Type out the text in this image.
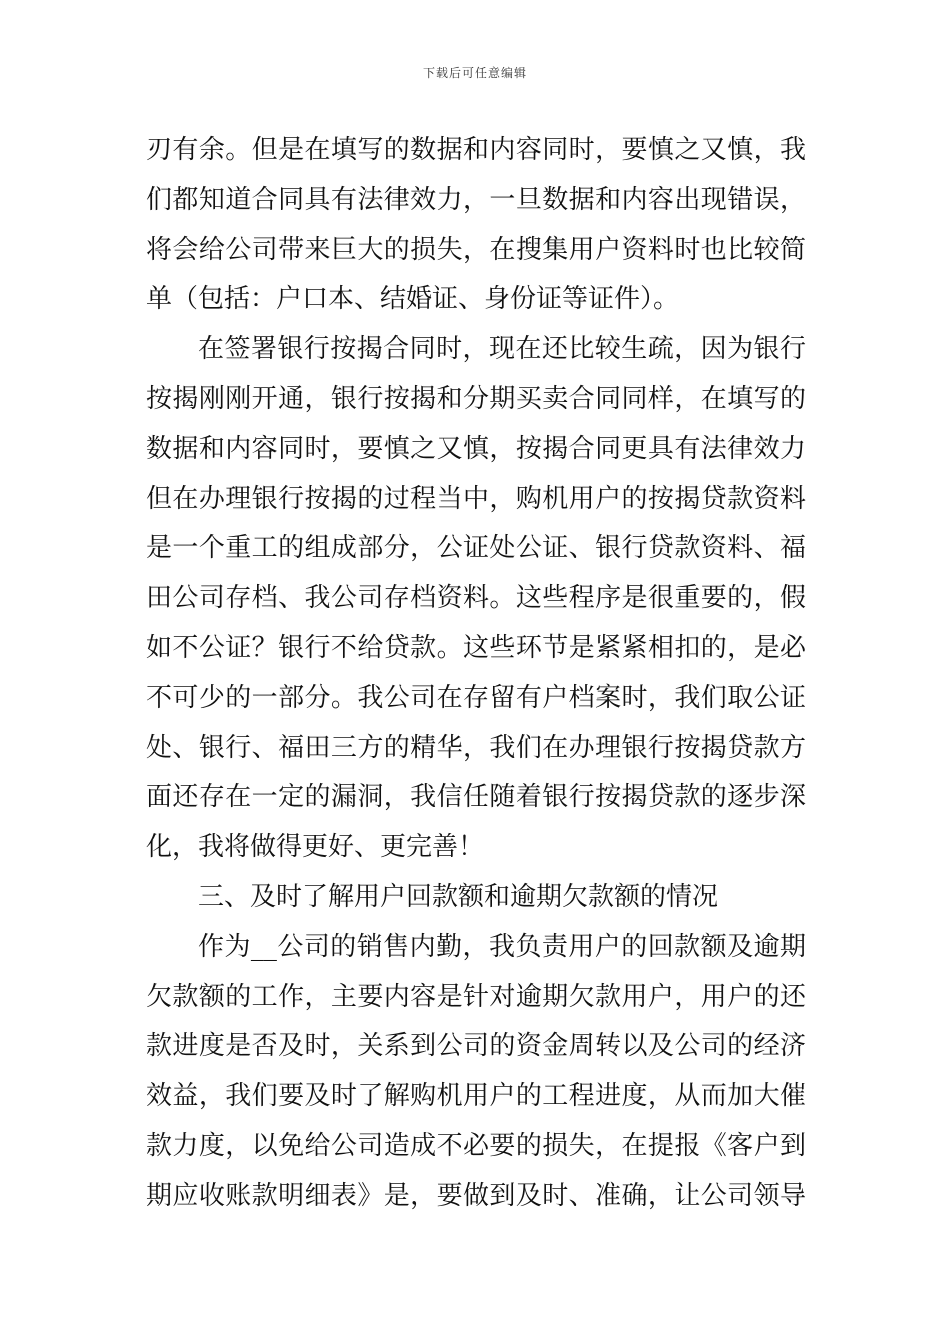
下载后可任意编辑
刃有余。但是在填写的数据和内容同时，要慎之又慎，我
们都知道合同具有法律效力，一旦数据和内容出现错误，
将会给公司带来巨大的损失，在搜集用户资料时也比较简
单（包括：户口本、结婚证、身份证等证件）。
在签署银行按揭合同时，现在还比较生疏，因为银行
按揭刚刚开通，银行按揭和分期买卖合同同样，在填写的
数据和内容同时，要慎之又慎，按揭合同更具有法律效力
但在办理银行按揭的过程当中，购机用户的按揭贷款资料
是一个重工的组成部分，公证处公证、银行贷款资料、福
田公司存档、我公司存档资料。这些程序是很重要的，假
如不公证？银行不给贷款。这些环节是紧紧相扣的，是必
不可少的一部分。我公司在存留有户档案时，我们取公证
处、银行、福田三方的精华，我们在办理银行按揭贷款方
面还存在一定的漏洞，我信任随着银行按揭贷款的逐步深
化，我将做得更好、更完善！
三、及时了解用户回款额和逾期欠款额的情况
作为__公司的销售内勤，我负责用户的回款额及逾期
欠款额的工作，主要内容是针对逾期欠款用户，用户的还
款进度是否及时，关系到公司的资金周转以及公司的经济
效益，我们要及时了解购机用户的工程进度，从而加大催
款力度，以免给公司造成不必要的损失，在提报《客户到
期应收账款明细表》是，要做到及时、准确，让公司领导
